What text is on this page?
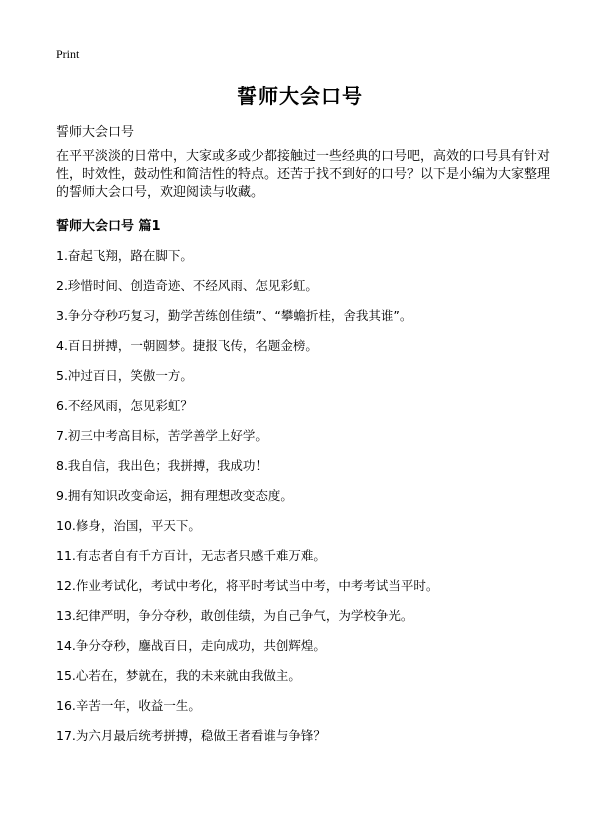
Print
誓师大会口号

誓师大会口号

在平平淡淡的日常中，大家或多或少都接触过一些经典的口号吧，高效的口号具有针对性，时效性，鼓动性和简洁性的特点。还苦于找不到好的口号？以下是小编为大家整理的誓师大会口号，欢迎阅读与收藏。

誓师大会口号 篇1
1.奋起飞翔，路在脚下。
2.珍惜时间、创造奇迹、不经风雨、怎见彩虹。
3.争分夺秒巧复习，勤学苦练创佳绩”、“攀蟾折桂，舍我其谁”。
4.百日拼搏，一朝圆梦。捷报飞传，名题金榜。
5.冲过百日，笑傲一方。
6.不经风雨，怎见彩虹？
7.初三中考高目标，苦学善学上好学。
8.我自信，我出色；我拼搏，我成功！
9.拥有知识改变命运，拥有理想改变态度。
10.修身，治国，平天下。
11.有志者自有千方百计，无志者只感千难万难。
12.作业考试化，考试中考化，将平时考试当中考，中考考试当平时。
13.纪律严明，争分夺秒，敢创佳绩，为自己争气，为学校争光。
14.争分夺秒，鏖战百日，走向成功，共创辉煌。
15.心若在，梦就在，我的未来就由我做主。
16.辛苦一年，收益一生。
17.为六月最后统考拼搏，稳做王者看谁与争锋？
